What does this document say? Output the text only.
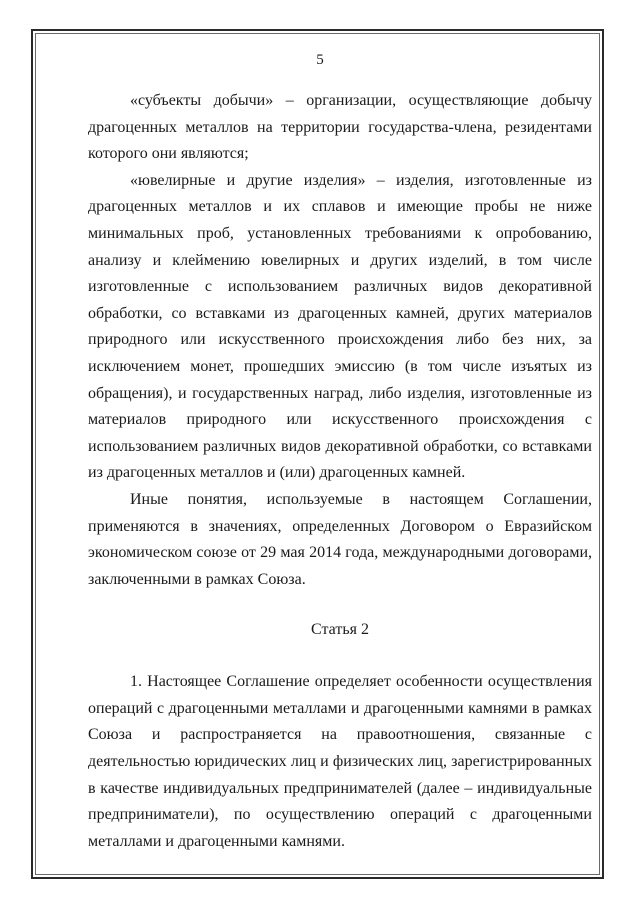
5

«субъекты добычи» – организации, осуществляющие добычу драгоценных металлов на территории государства-члена, резидентами которого они являются;

«ювелирные и другие изделия» – изделия, изготовленные из драгоценных металлов и их сплавов и имеющие пробы не ниже минимальных проб, установленных требованиями к опробованию, анализу и клеймению ювелирных и других изделий, в том числе изготовленные с использованием различных видов декоративной обработки, со вставками из драгоценных камней, других материалов природного или искусственного происхождения либо без них, за исключением монет, прошедших эмиссию (в том числе изъятых из обращения), и государственных наград, либо изделия, изготовленные из материалов природного или искусственного происхождения с использованием различных видов декоративной обработки, со вставками из драгоценных металлов и (или) драгоценных камней.

Иные понятия, используемые в настоящем Соглашении, применяются в значениях, определенных Договором о Евразийском экономическом союзе от 29 мая 2014 года, международными договорами, заключенными в рамках Союза.

Статья 2

1. Настоящее Соглашение определяет особенности осуществления операций с драгоценными металлами и драгоценными камнями в рамках Союза и распространяется на правоотношения, связанные с деятельностью юридических лиц и физических лиц, зарегистрированных в качестве индивидуальных предпринимателей (далее – индивидуальные предприниматели), по осуществлению операций с драгоценными металлами и драгоценными камнями.
